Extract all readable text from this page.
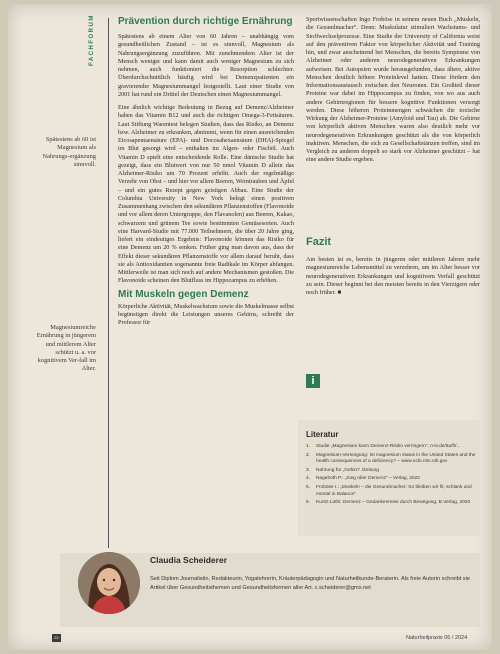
FACHFORUM
Spätestens ab 60 ist Magnesium als Nahrungs-ergänzung sinnvoll.
Magnesiumreiche Ernährung in jüngerem und mittlerem Alter schützt u. a. vor kognitivem Ver-fall im Alter.
Prävention durch richtige Ernährung

Spätestens ab einem Alter von 60 Jahren – unabhängig vom gesundheitlichen Zustand – ist es sinnvoll, Magnesium als Nahrungsergänzung zuzuführen. Mit zunehmendem Alter ist der Mensch weniger und kann damit auch weniger Magnesium zu sich nehmen, auch funktioniert die Resorption schlechter. Überdurchschnittlich häufig wird bei Demenzpatienten ein gravierender Magnesiummangel festgestellt. Laut einer Studie von 2001 hat rund ein Drittel der Deutschen einen Magnesiummangel.

Eine ähnlich wichtige Bedeutung in Bezug auf Demenz/Alzheimer haben das Vitamin B12 und auch die richtigen Omega-3-Fettsäuren. Laut Stiftung Warentest belegen Studien, dass das Risiko, an Demenz bzw. Alzheimer zu erkranken, abnimmt, wenn für einen ausreichenden Eicosapentaensäure (EPA)- und Docosahexaensäure (DHA)-Spiegel im Blut gesorgt wird – enthalten im Algen- oder Fischöl. Auch Vitamin D spielt eine entscheidende Rolle. Eine dänische Studie hat gezeigt, dass ein Blutwert von nur 50 nmol Vitamin D allein das Alzheimer-Risiko um 70 Prozent erhöht. Auch der regelmäßige Verzehr von Obst – und hier vor allem Beeren, Weintrauben und Äpfel – und ein gutes Rezept gegen geistigen Abbau. Eine Studie der Columbia University in New York belegt einen positiven Zusammenhang zwischen den sekundären Pflanzenstoffen (Flavonoide und vor allem deren Untergruppe, den Flavanolen) aus Beeren, Kakao, schwarzem und grünem Tee sowie bestimmten Gemüsesorten. Auch eine Harvard-Studie mit 77.000 Teilnehmern, die über 20 Jahre ging, liefert ein eindeutiges Ergebnis: Flavonoide können das Risiko für eine Demenz um 20 % senken. Früher ging man davon aus, dass der Effekt dieser sekundären Pflanzenstoffe vor allem darauf beruht, dass sie als Antioxidantien sogenannte freie Radikale im Körper abfangen. Mittlerweile ist man sich noch auf andere Mechanismen gestoßen. Die Flavonoide scheinen den Blutfluss im Hippocampus zu erhöhen.

Mit Muskeln gegen Demenz

Körperliche Aktivität, Muskelwachstum sowie die Muskelmasse selbst begünstigen direkt die Leistungen unseres Gehirns, schreibt der Professor für

Sportwissenschaften Ingo Froböse in seinem neuen Buch „Muskeln, die Gesundmacher“. Denn: Muskulatur stimuliert Wachstums- und Stoffwechselprozesse. Eine Studie der University of California weist auf den präventiven Faktor von körperlicher Aktivität und Training hin, und zwar anscheinend bei Menschen, die bereits Symptome von Alzheimer oder anderen neurodegenerativen Erkrankungen aufweisen. Bei Autopsien wurde herausgefunden, dass ältere, aktive Menschen deutlich höhere Proteinlevel hatten. Diese fördern den Informationsaustausch zwischen den Neuronen. Ein Großteil dieser Proteine war dabei im Hippocampus zu finden, von wo aus auch andere Gehirnregionen für bessere kognitive Funktionen versorgt werden. Diese höheren Proteinmengen schwächen die toxische Wirkung der Alzheimer-Proteine (Amyloid und Tau) ab. Die Gehirne von körperlich aktiven Menschen waren also deutlich mehr vor neurodegenerativen Erkrankungen geschützt als die von körperlich inaktiven. Menschen, die sich zu Gesellschaftstänzen treffen, sind im Vergleich zu anderen doppelt so stark vor Alzheimer geschützt – hat eine andere Studie ergeben.

Fazit
Am besten ist es, bereits in jüngeren oder mittleren Jahren mehr magnesiumreiche Lebensmittel zu verzehren, um im Alter besser vor neurodegenerativen Erkrankungen und kognitivem Verfall geschützt zu sein. Dieser beginnt bei den meisten bereits in den Vierzigern oder noch früher. ■
i
Literatur
1.	Studie „Magnesium kann Demenz-Risiko verringern“, n-tv.de/5a/ft/...
2.	Magnesium-Versorgung: Ist magnesium status in the United States and the health consequences of a deficiency? – www.ncbi.nlm.nih.gov
3.	Nahrung für „Gehirn“ /Zeitung
4.	Nagelroth P.: „Sieg über Demenz“ – Verlag, 2022
5.	Froböse I.: „Muskeln – die Gesundmacher: So bleiben wir fit, schlank und mental in Balance“
6.	Kuntz-Lüthi: Demenz – Gedankenreise durch Bewegung, B.Verlag, 2020
Claudia Scheiderer
Seit Diplom Journalistin, Redakteurin, Yogalehrerin, Kräuterpädagogin und Naturheilkunde-Beraterin. Als freie Autorin schreibt sie Artikel über Gesundheitsthemen und Gesundheitsformen aller Art. c.scheiderer@gmx.net
22	Naturheilpraxis 06 / 2024
